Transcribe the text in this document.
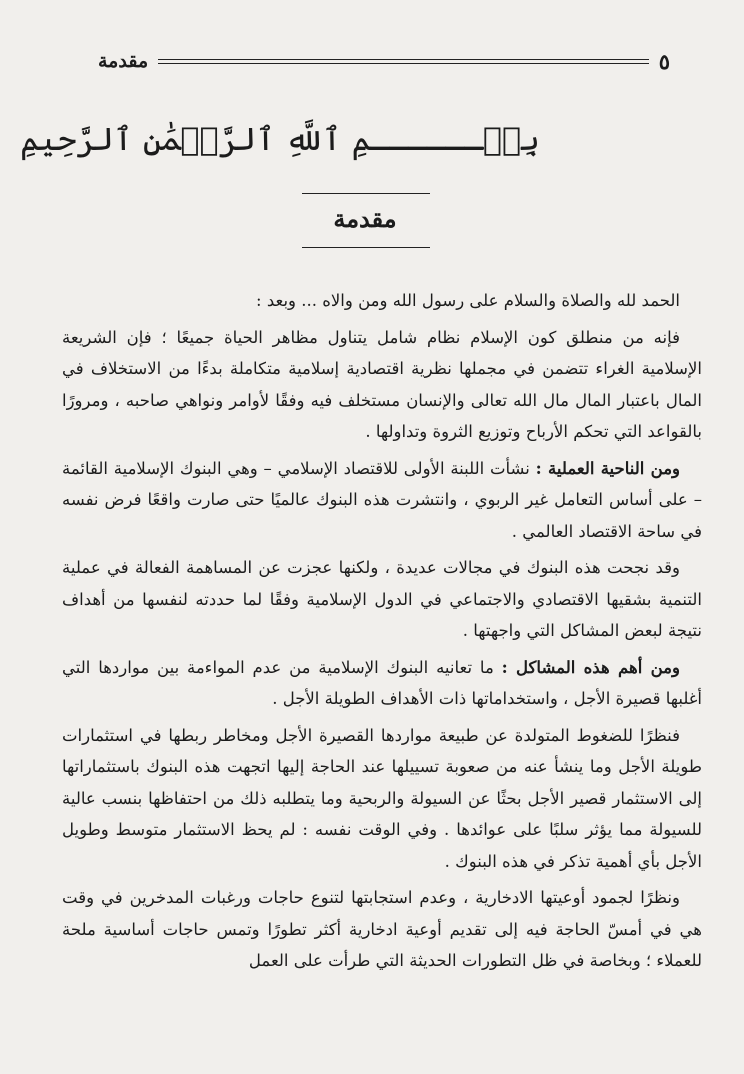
مقدمة	٥
بِسۡــــــمِ ٱللَّهِ ٱلرَّحۡمَٰنِ ٱلرَّحِيمِ
مقدمة

الحمد لله والصلاة والسلام على رسول الله ومن والاه ... وبعد :

فإنه من منطلق كون الإسلام نظام شامل يتناول مظاهر الحياة جميعًا ؛ فإن الشريعة الإسلامية الغراء تتضمن في مجملها نظرية اقتصادية إسلامية متكاملة بدءًا من الاستخلاف في المال باعتبار المال مال الله تعالى والإنسان مستخلف فيه وفقًا لأوامر ونواهي صاحبه ، ومرورًا بالقواعد التي تحكم الأرباح وتوزيع الثروة وتداولها .

ومن الناحية العملية : نشأت اللبنة الأولى للاقتصاد الإسلامي – وهي البنوك الإسلامية القائمة – على أساس التعامل غير الربوي ، وانتشرت هذه البنوك عالميًا حتى صارت واقعًا فرض نفسه في ساحة الاقتصاد العالمي .

وقد نجحت هذه البنوك في مجالات عديدة ، ولكنها عجزت عن المساهمة الفعالة في عملية التنمية بشقيها الاقتصادي والاجتماعي في الدول الإسلامية وفقًا لما حددته لنفسها من أهداف نتيجة لبعض المشاكل التي واجهتها .

ومن أهم هذه المشاكل : ما تعانيه البنوك الإسلامية من عدم المواءمة بين مواردها التي أغلبها قصيرة الأجل ، واستخداماتها ذات الأهداف الطويلة الأجل .

فنظرًا للضغوط المتولدة عن طبيعة مواردها القصيرة الأجل ومخاطر ربطها في استثمارات طويلة الأجل وما ينشأ عنه من صعوبة تسييلها عند الحاجة إليها اتجهت هذه البنوك باستثماراتها إلى الاستثمار قصير الأجل بحثًا عن السيولة والربحية وما يتطلبه ذلك من احتفاظها بنسب عالية للسيولة مما يؤثر سلبًا على عوائدها . وفي الوقت نفسه : لم يحظ الاستثمار متوسط وطويل الأجل بأي أهمية تذكر في هذه البنوك .

ونظرًا لجمود أوعيتها الادخارية ، وعدم استجابتها لتنوع حاجات ورغبات المدخرين في وقت هي في أمسّ الحاجة فيه إلى تقديم أوعية ادخارية أكثر تطورًا وتمس حاجات أساسية ملحة للعملاء ؛ وبخاصة في ظل التطورات الحديثة التي طرأت على العمل
